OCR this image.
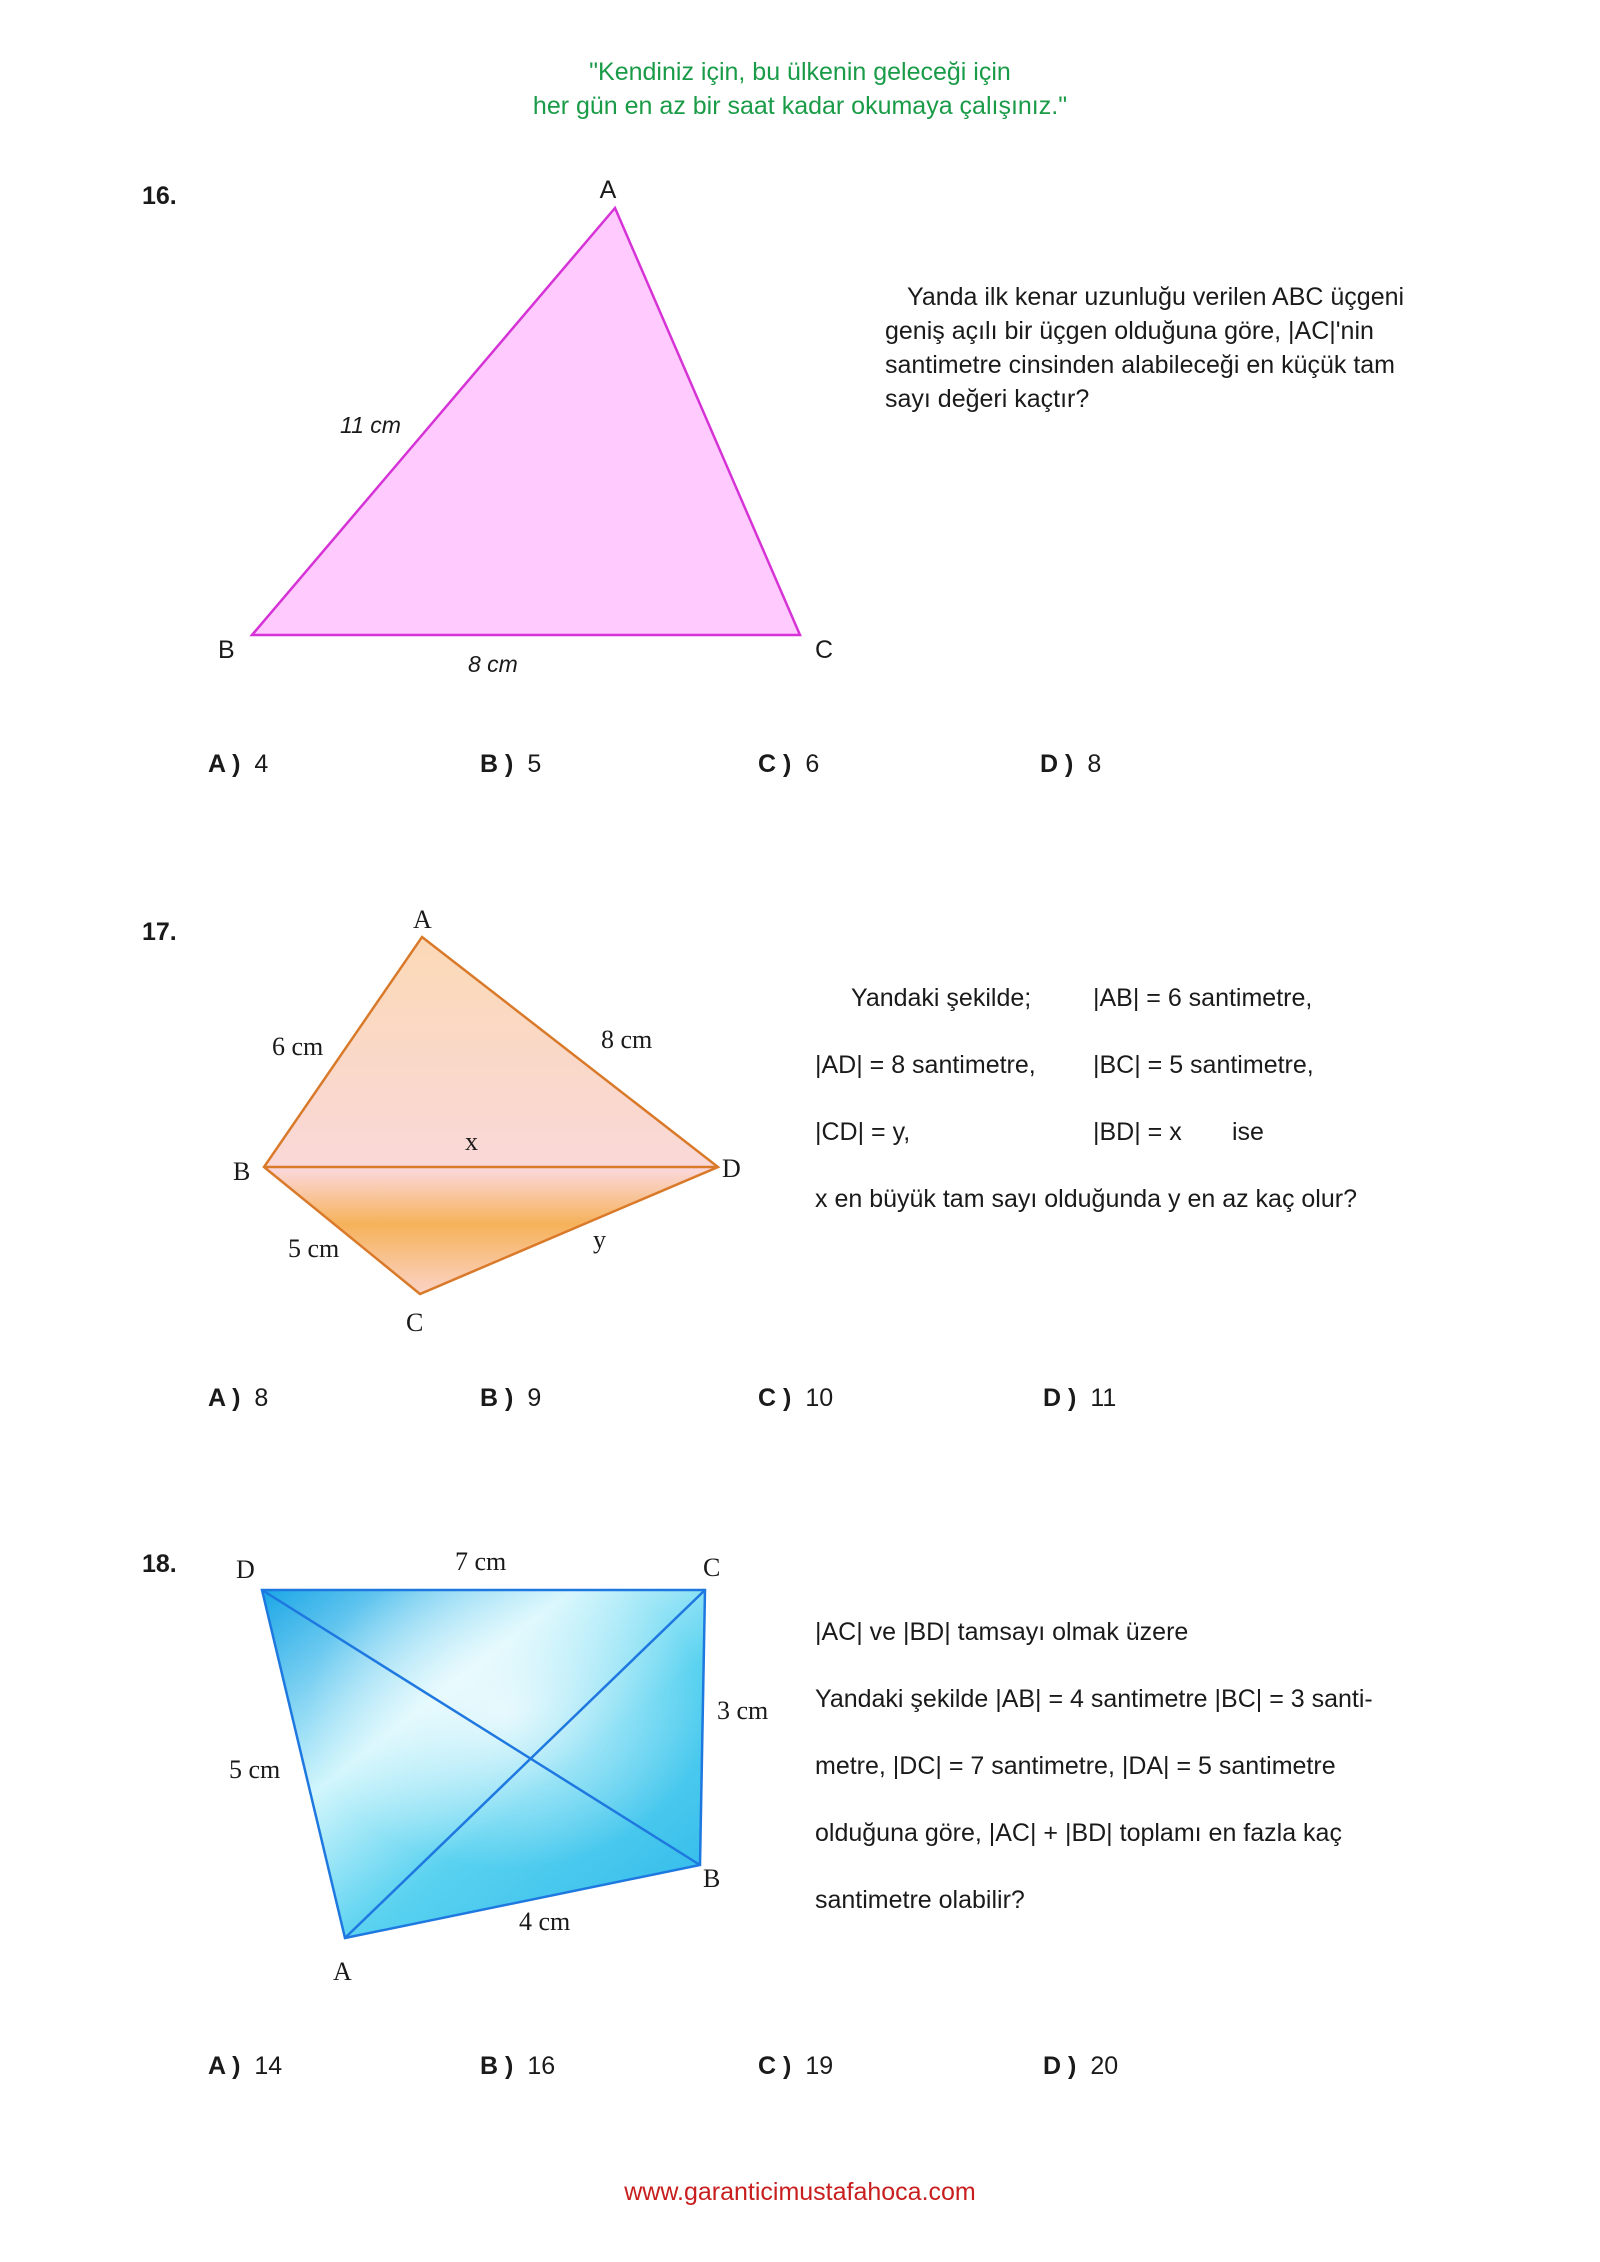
"Kendiniz için, bu ülkenin geleceği için
her gün en az bir saat kadar okumaya çalışınız."
16.	A
B	C
11 cm
8 cm
Yanda ilk kenar uzunluğu verilen ABC üçgeni geniş açılı bir üçgen olduğuna göre, |AC|'nin santimetre cinsinden alabileceği en küçük tam sayı değeri kaçtır?
A ) 4	B ) 5	C ) 6	D ) 8
17.	A
B
C
D
6 cm	8 cm
x
5 cm	y
Yandaki şekilde; |AB| = 6 santimetre,
|AD| = 8 santimetre, |BC| = 5 santimetre,
|CD| = y,	|BD| = x ise
x en büyük tam sayı olduğunda y en az kaç olur?
A ) 8	B ) 9	C ) 10	D ) 11
18. D	C
B
A
7 cm
3 cm
5 cm
4 cm
|AC| ve |BD| tamsayı olmak üzere
Yandaki şekilde |AB| = 4 santimetre |BC| = 3 santi-
metre, |DC| = 7 santimetre, |DA| = 5 santimetre
olduğuna göre, |AC| + |BD| toplamı en fazla kaç
santimetre olabilir?
A ) 14	B ) 16	C ) 19	D ) 20
www.garanticimustafahoca.com
